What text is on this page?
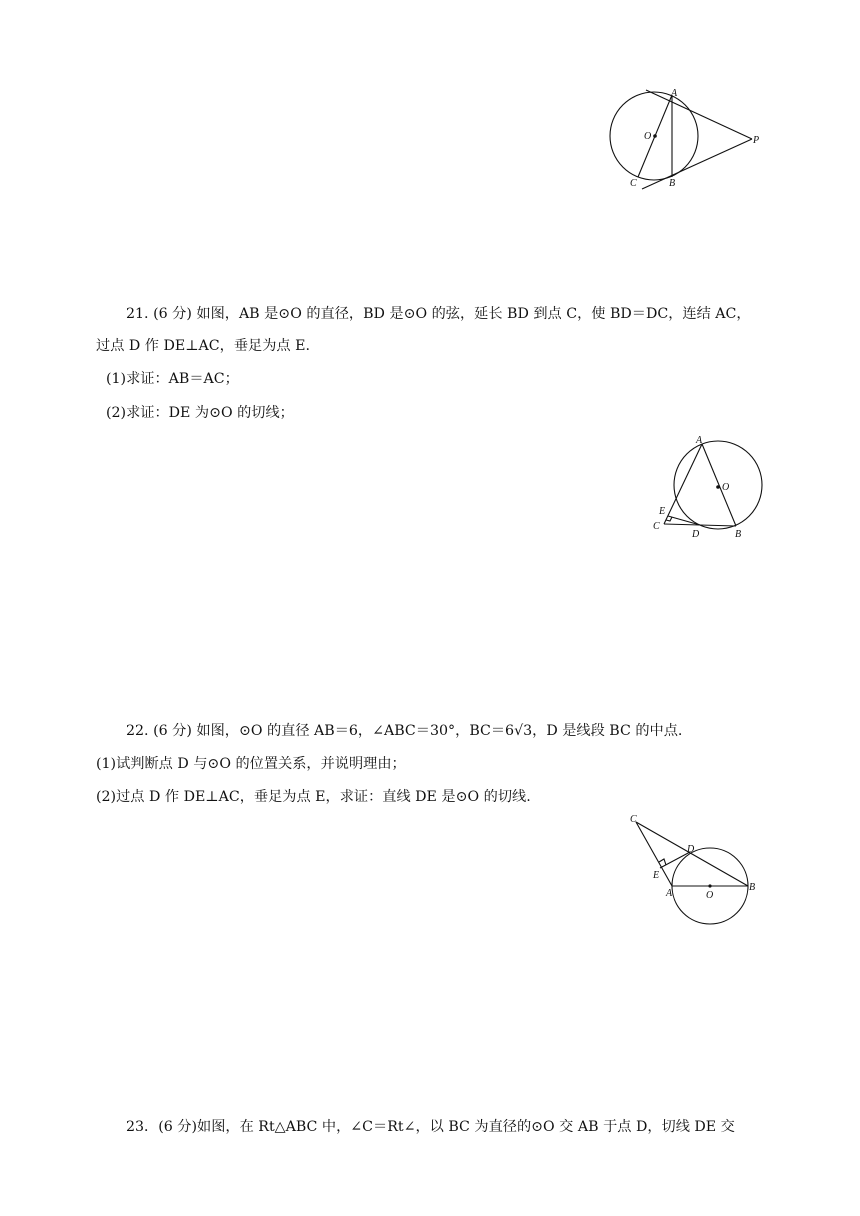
A
O	P
C	B
21. (6 分) 如图，AB 是⊙O 的直径，BD 是⊙O 的弦，延长 BD 到点 C，使 BD＝DC，连结 AC，
过点 D 作 DE⊥AC，垂足为点 E.
(1)求证：AB＝AC；
(2)求证：DE 为⊙O 的切线；
A
O
E
C
D	B
22. (6 分) 如图，⊙O 的直径 AB＝6，∠ABC＝30°，BC＝6√3，D 是线段 BC 的中点.
(1)试判断点 D 与⊙O 的位置关系，并说明理由；
(2)过点 D 作 DE⊥AC，垂足为点 E，求证：直线 DE 是⊙O 的切线.
C
D
E
A	O
B
23．(6 分)如图，在 Rt△ABC 中，∠C＝Rt∠，以 BC 为直径的⊙O 交 AB 于点 D，切线 DE 交
